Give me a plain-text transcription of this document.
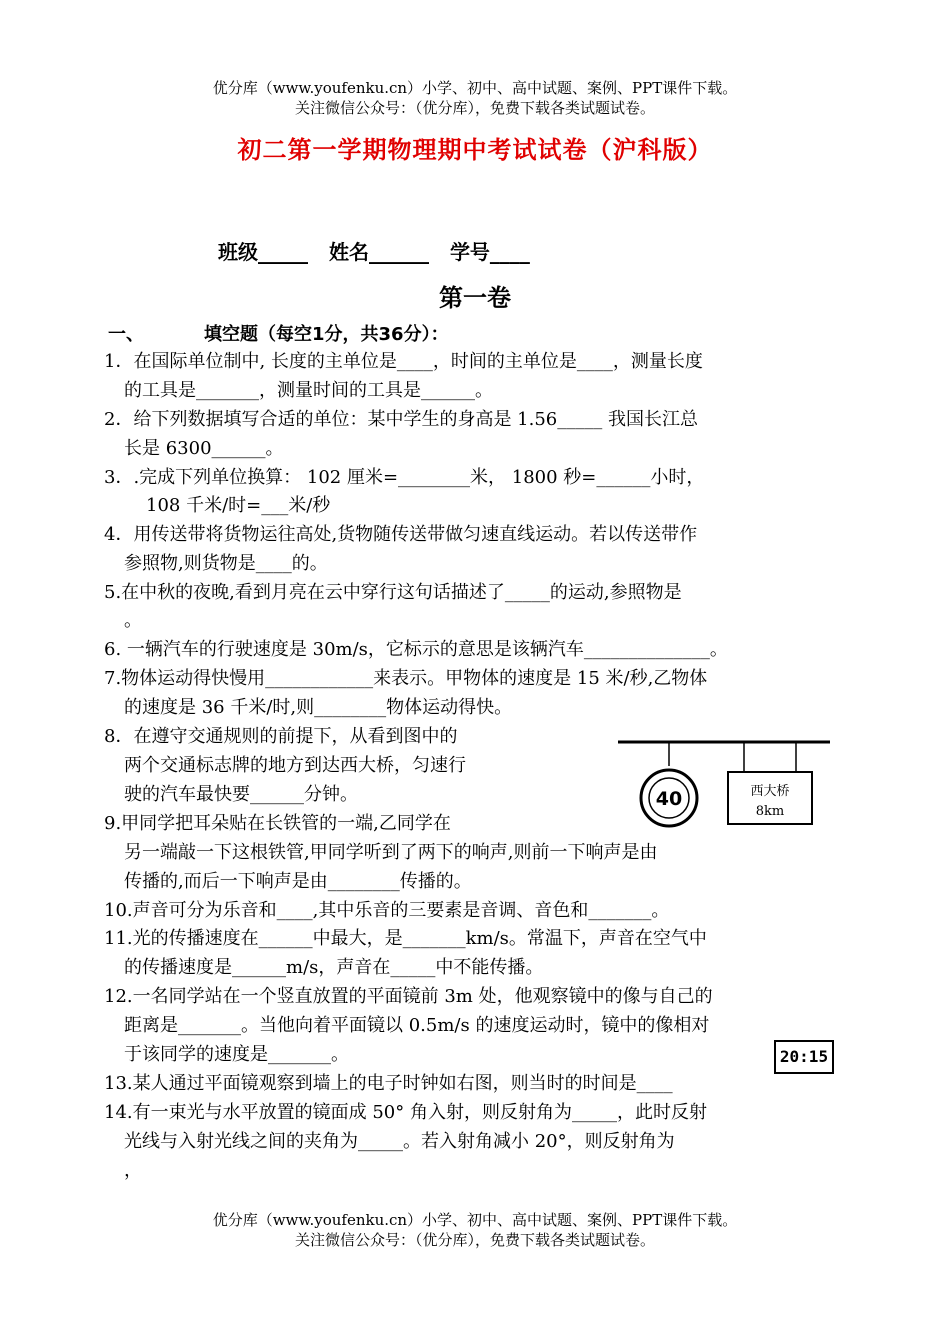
优分库（www.youfenku.cn）小学、初中、高中试题、案例、PPT课件下载。
关注微信公众号：（优分库），免费下载各类试题试卷。
初二第一学期物理期中考试试卷（沪科版）
班级_____ 姓名______ 学号____
第一卷
一、	填空题（每空1分，共36分）：
1．在国际单位制中, 长度的主单位是____，时间的主单位是____，测量长度
的工具是_______，测量时间的工具是______。
2．给下列数据填写合适的单位：某中学生的身高是 1.56_____ 我国长江总
长是 6300______。
3．.完成下列单位换算： 102 厘米=________米， 1800 秒=______小时，
108 千米/时=___米/秒
4．用传送带将货物运往高处,货物随传送带做匀速直线运动。若以传送带作
参照物,则货物是____的。
5.在中秋的夜晚,看到月亮在云中穿行这句话描述了_____的运动,参照物是
。
6. 一辆汽车的行驶速度是 30m/s，它标示的意思是该辆汽车______________。
7.物体运动得快慢用____________来表示。甲物体的速度是 15 米/秒,乙物体
的速度是 36 千米/时,则________物体运动得快。
8．在遵守交通规则的前提下，从看到图中的
两个交通标志牌的地方到达西大桥，匀速行
驶的汽车最快要______分钟。
9.甲同学把耳朵贴在长铁管的一端,乙同学在
另一端敲一下这根铁管,甲同学听到了两下的响声,则前一下响声是由
传播的,而后一下响声是由________传播的。
10.声音可分为乐音和____,其中乐音的三要素是音调、音色和_______。
11.光的传播速度在______中最大，是_______km/s。常温下，声音在空气中
的传播速度是______m/s，声音在_____中不能传播。
12.一名同学站在一个竖直放置的平面镜前 3m 处，他观察镜中的像与自己的
距离是_______。当他向着平面镜以 0.5m/s 的速度运动时，镜中的像相对
于该同学的速度是_______。
13.某人通过平面镜观察到墙上的电子时钟如右图，则当时的时间是____
14.有一束光与水平放置的镜面成 50° 角入射，则反射角为_____，此时反射
光线与入射光线之间的夹角为_____。若入射角减小 20°，则反射角为
，
40	西大桥
8km
20:15
优分库（www.youfenku.cn）小学、初中、高中试题、案例、PPT课件下载。
关注微信公众号：（优分库），免费下载各类试题试卷。
